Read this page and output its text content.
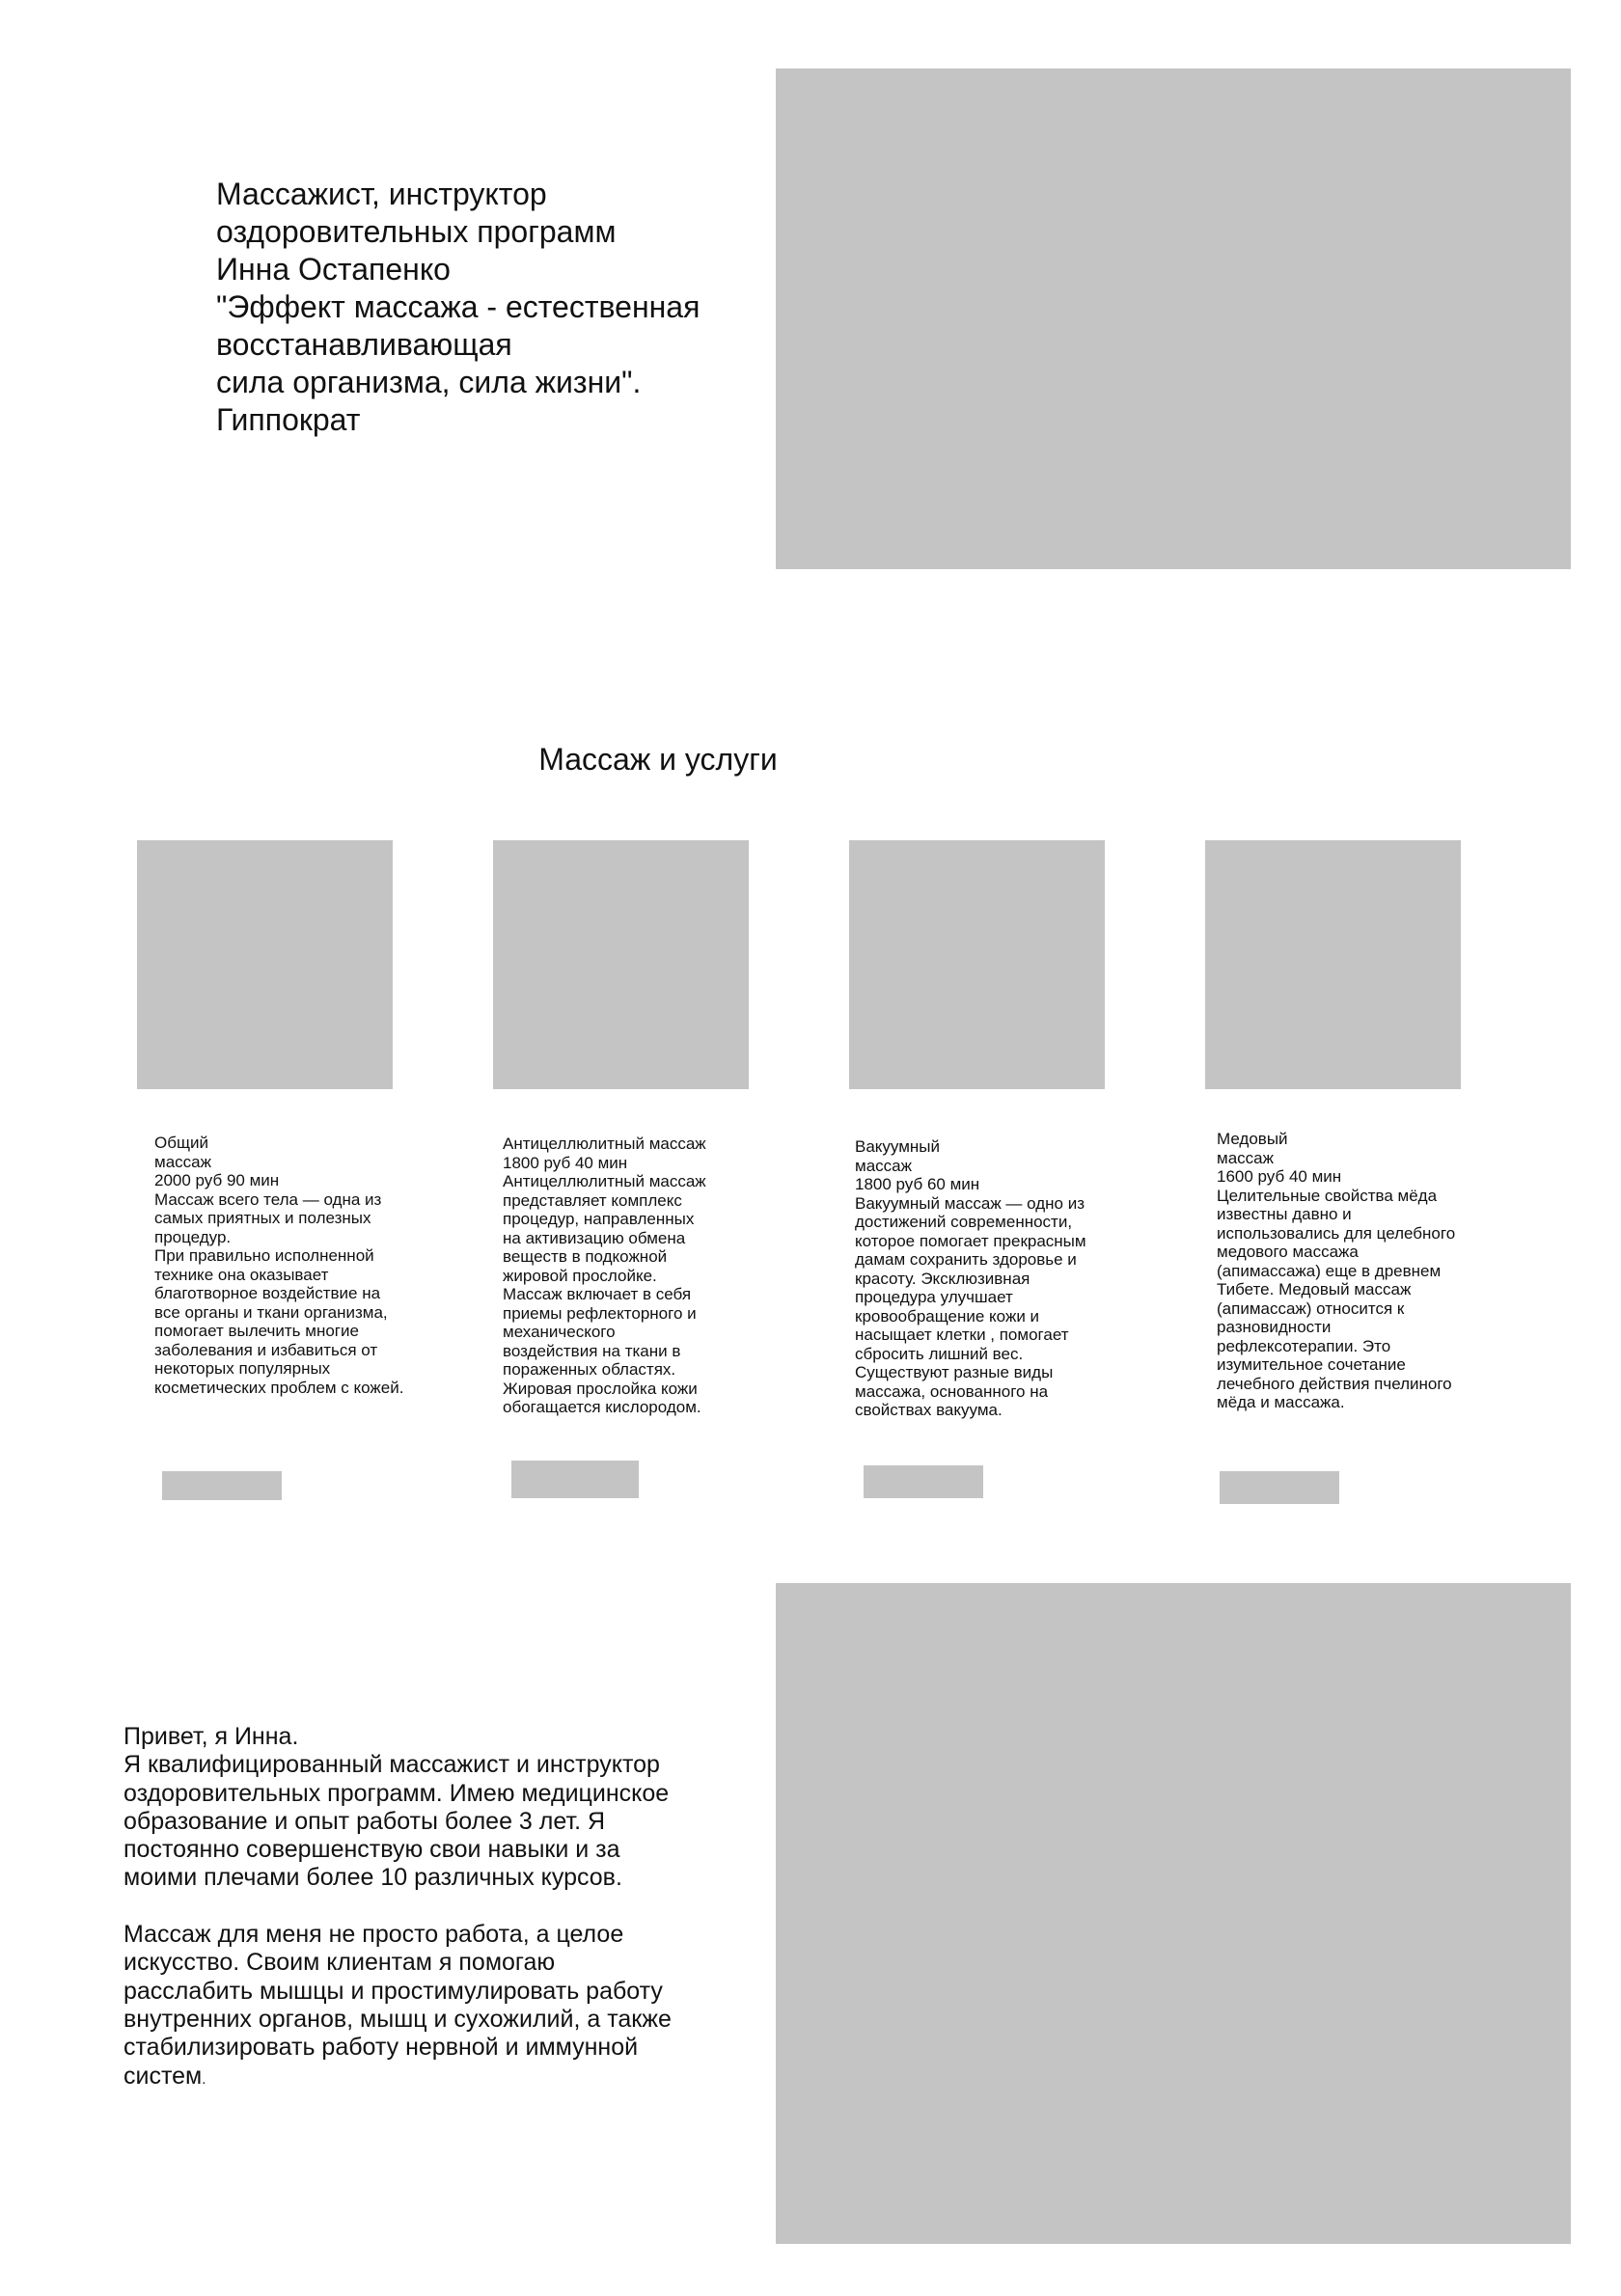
Массажист, инструктор
оздоровительных программ
Инна Остапенко
"Эффект массажа - естественная
восстанавливающая
сила организма, сила жизни".
Гиппократ

Массаж и услуги

Общий
массаж
2000 руб 90 мин
Массаж всего тела — одна из
самых приятных и полезных
процедур.
При правильно исполненной
технике она оказывает
благотворное воздействие на
все органы и ткани организма,
помогает вылечить многие
заболевания и избавиться от
некоторых популярных
косметических проблем с кожей.

Антицеллюлитный массаж
1800 руб 40 мин
Антицеллюлитный массаж
представляет комплекс
процедур, направленных
на активизацию обмена
веществ в подкожной
жировой прослойке.
Массаж включает в себя
приемы рефлекторного и
механического
воздействия на ткани в
пораженных областях.
Жировая прослойка кожи
обогащается кислородом.

Вакуумный
массаж
1800 руб 60 мин
Вакуумный массаж — одно из
достижений современности,
которое помогает прекрасным
дамам сохранить здоровье и
красоту. Эксклюзивная
процедура улучшает
кровообращение кожи и
насыщает клетки , помогает
сбросить лишний вес.
Существуют разные виды
массажа, основанного на
свойствах вакуума.

Медовый
массаж
1600 руб 40 мин
Целительные свойства мёда
известны давно и
использовались для целебного
медового массажа
(апимассажа) еще в древнем
Тибете. Медовый массаж
(апимассаж) относится к
разновидности
рефлексотерапии. Это
изумительное сочетание
лечебного действия пчелиного
мёда и массажа.

Привет, я Инна.
Я квалифицированный массажист и инструктор
оздоровительных программ. Имею медицинское
образование и опыт работы более 3 лет. Я
постоянно совершенствую свои навыки и за
моими плечами более 10 различных курсов.

Массаж для меня не просто работа, а целое
искусство. Своим клиентам я помогаю
расслабить мышцы и простимулировать работу
внутренних органов, мышц и сухожилий, а также
стабилизировать работу нервной и иммунной
систем.
